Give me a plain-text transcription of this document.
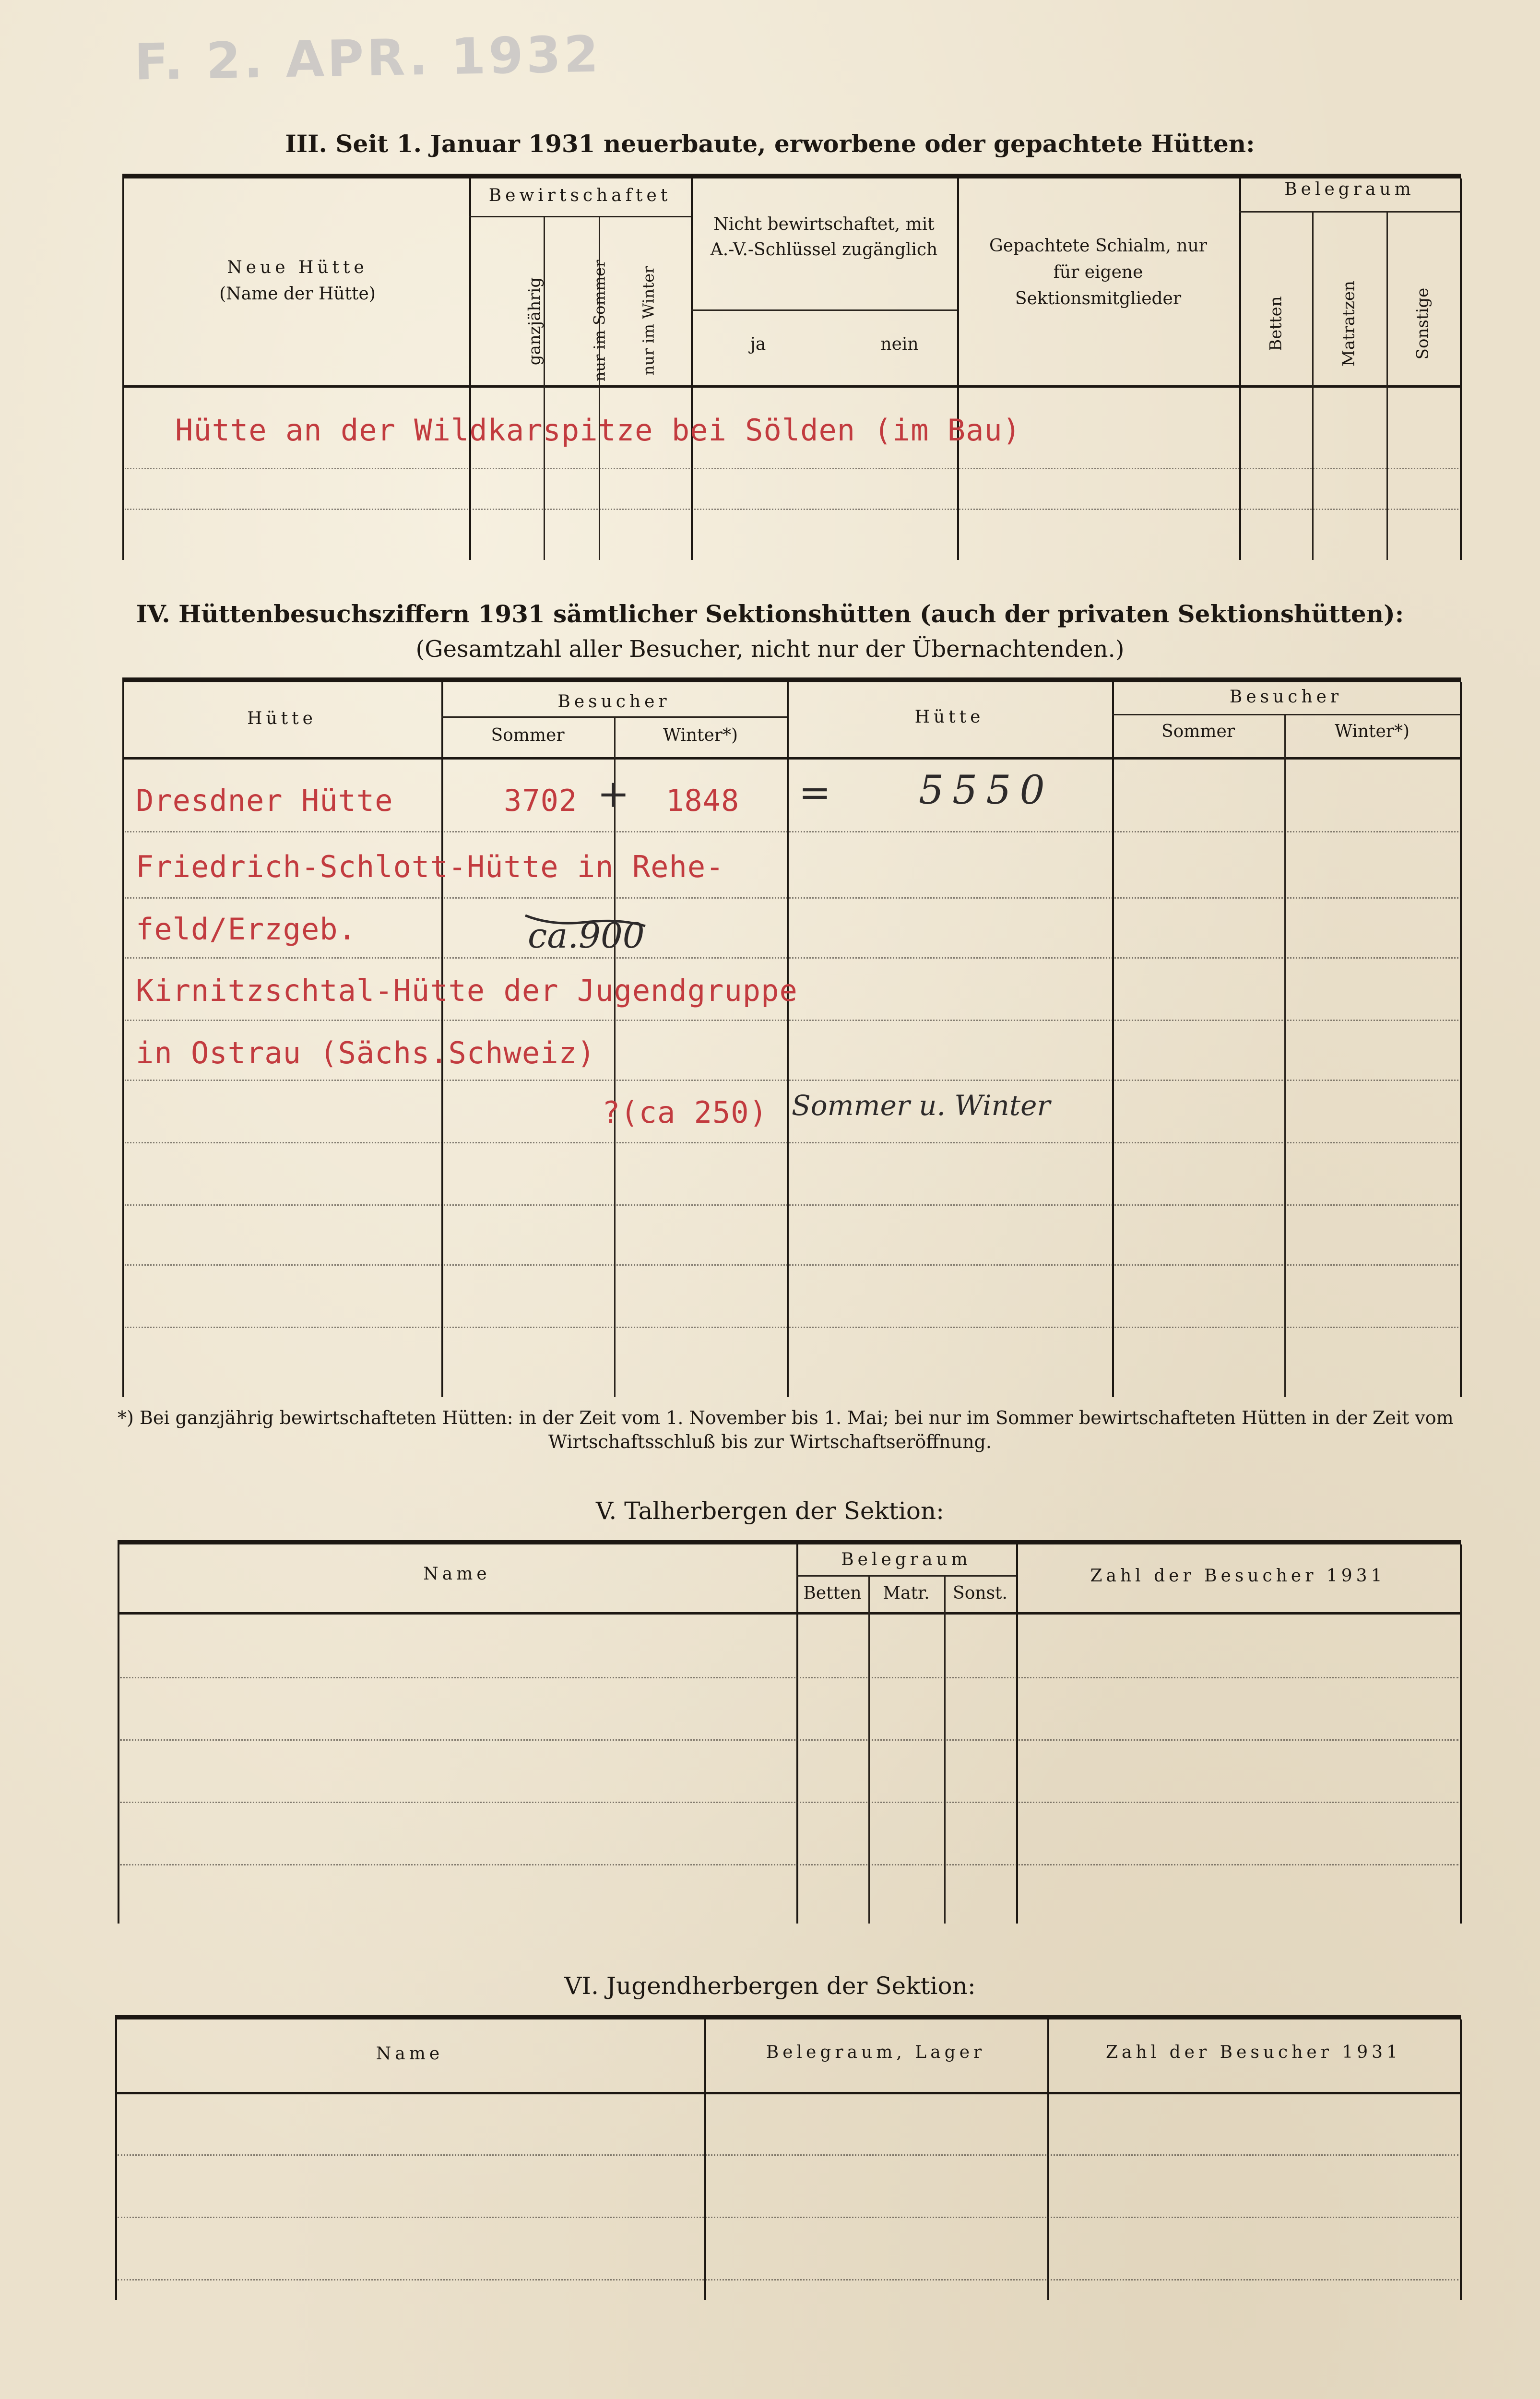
F. 2. APR. 1932
III. Seit 1. Januar 1931 neuerbaute, erworbene oder gepachtete Hütten:
Neue Hütte
(Name der Hütte)
Bewirtschaftet
ganzjährig	nur im Sommer nur im Winter
Nicht bewirtschaftet, mit
A.-V.-Schlüssel zugänglich
ja	nein
Gepachtete Schialm, nur
für eigene
Sektionsmitglieder
Belegraum
Betten	Matratzen	Sonstige
Hütte an der Wildkarspitze bei Sölden (im Bau)
IV. Hüttenbesuchsziffern 1931 sämtlicher Sektionshütten (auch der privaten Sektionshütten):
(Gesamtzahl aller Besucher, nicht nur der Übernachtenden.)
Hütte
Besucher
Sommer	Winter*)
Hütte
Besucher
Sommer	Winter*)
Dresdner Hütte	3702 + 1848 = 5550
Friedrich-Schlott-Hütte in Rehe-
feld/Erzgeb.	ca.900
Kirnitzschtal-Hütte der Jugendgruppe
in Ostrau (Sächs.Schweiz)
?(ca 250) Sommer u. Winter
*) Bei ganzjährig bewirtschafteten Hütten: in der Zeit vom 1. November bis 1. Mai; bei nur im Sommer bewirtschafteten Hütten in der Zeit vom
Wirtschaftsschluß bis zur Wirtschaftseröffnung.
V. Talherbergen der Sektion:
Name
Belegraum
Betten	Matr.	Sonst.
Zahl der Besucher 1931
VI. Jugendherbergen der Sektion:
Name	Belegraum, Lager	Zahl der Besucher 1931
